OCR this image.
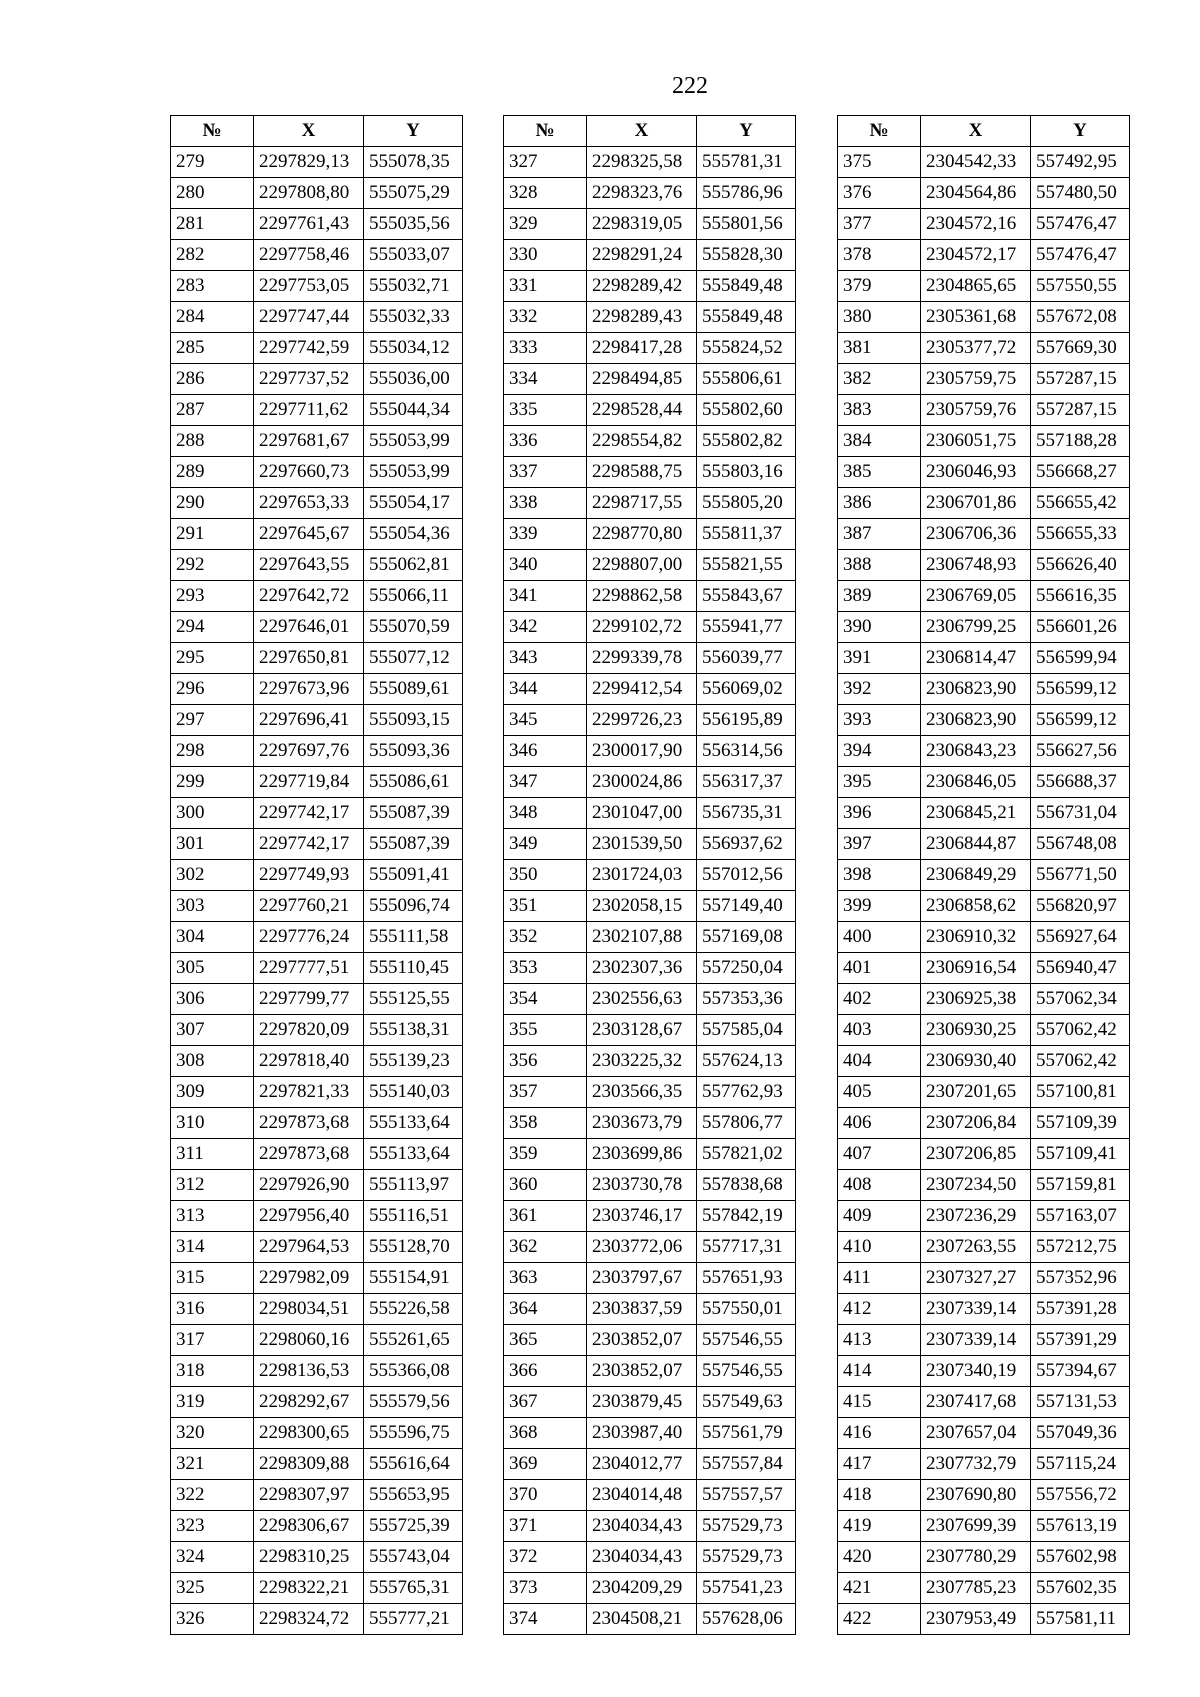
222
№	X	Y
279	2297829,13	555078,35
280	2297808,80	555075,29
281	2297761,43	555035,56
282	2297758,46	555033,07
283	2297753,05	555032,71
284	2297747,44	555032,33
285	2297742,59	555034,12
286	2297737,52	555036,00
287	2297711,62	555044,34
288	2297681,67	555053,99
289	2297660,73	555053,99
290	2297653,33	555054,17
291	2297645,67	555054,36
292	2297643,55	555062,81
293	2297642,72	555066,11
294	2297646,01	555070,59
295	2297650,81	555077,12
296	2297673,96	555089,61
297	2297696,41	555093,15
298	2297697,76	555093,36
299	2297719,84	555086,61
300	2297742,17	555087,39
301	2297742,17	555087,39
302	2297749,93	555091,41
303	2297760,21	555096,74
304	2297776,24	555111,58
305	2297777,51	555110,45
306	2297799,77	555125,55
307	2297820,09	555138,31
308	2297818,40	555139,23
309	2297821,33	555140,03
310	2297873,68	555133,64
311	2297873,68	555133,64
312	2297926,90	555113,97
313	2297956,40	555116,51
314	2297964,53	555128,70
315	2297982,09	555154,91
316	2298034,51	555226,58
317	2298060,16	555261,65
318	2298136,53	555366,08
319	2298292,67	555579,56
320	2298300,65	555596,75
321	2298309,88	555616,64
322	2298307,97	555653,95
323	2298306,67	555725,39
324	2298310,25	555743,04
325	2298322,21	555765,31
326	2298324,72	555777,21
№	X	Y
327	2298325,58	555781,31
328	2298323,76	555786,96
329	2298319,05	555801,56
330	2298291,24	555828,30
331	2298289,42	555849,48
332	2298289,43	555849,48
333	2298417,28	555824,52
334	2298494,85	555806,61
335	2298528,44	555802,60
336	2298554,82	555802,82
337	2298588,75	555803,16
338	2298717,55	555805,20
339	2298770,80	555811,37
340	2298807,00	555821,55
341	2298862,58	555843,67
342	2299102,72	555941,77
343	2299339,78	556039,77
344	2299412,54	556069,02
345	2299726,23	556195,89
346	2300017,90	556314,56
347	2300024,86	556317,37
348	2301047,00	556735,31
349	2301539,50	556937,62
350	2301724,03	557012,56
351	2302058,15	557149,40
352	2302107,88	557169,08
353	2302307,36	557250,04
354	2302556,63	557353,36
355	2303128,67	557585,04
356	2303225,32	557624,13
357	2303566,35	557762,93
358	2303673,79	557806,77
359	2303699,86	557821,02
360	2303730,78	557838,68
361	2303746,17	557842,19
362	2303772,06	557717,31
363	2303797,67	557651,93
364	2303837,59	557550,01
365	2303852,07	557546,55
366	2303852,07	557546,55
367	2303879,45	557549,63
368	2303987,40	557561,79
369	2304012,77	557557,84
370	2304014,48	557557,57
371	2304034,43	557529,73
372	2304034,43	557529,73
373	2304209,29	557541,23
374	2304508,21	557628,06
№	X	Y
375	2304542,33	557492,95
376	2304564,86	557480,50
377	2304572,16	557476,47
378	2304572,17	557476,47
379	2304865,65	557550,55
380	2305361,68	557672,08
381	2305377,72	557669,30
382	2305759,75	557287,15
383	2305759,76	557287,15
384	2306051,75	557188,28
385	2306046,93	556668,27
386	2306701,86	556655,42
387	2306706,36	556655,33
388	2306748,93	556626,40
389	2306769,05	556616,35
390	2306799,25	556601,26
391	2306814,47	556599,94
392	2306823,90	556599,12
393	2306823,90	556599,12
394	2306843,23	556627,56
395	2306846,05	556688,37
396	2306845,21	556731,04
397	2306844,87	556748,08
398	2306849,29	556771,50
399	2306858,62	556820,97
400	2306910,32	556927,64
401	2306916,54	556940,47
402	2306925,38	557062,34
403	2306930,25	557062,42
404	2306930,40	557062,42
405	2307201,65	557100,81
406	2307206,84	557109,39
407	2307206,85	557109,41
408	2307234,50	557159,81
409	2307236,29	557163,07
410	2307263,55	557212,75
411	2307327,27	557352,96
412	2307339,14	557391,28
413	2307339,14	557391,29
414	2307340,19	557394,67
415	2307417,68	557131,53
416	2307657,04	557049,36
417	2307732,79	557115,24
418	2307690,80	557556,72
419	2307699,39	557613,19
420	2307780,29	557602,98
421	2307785,23	557602,35
422	2307953,49	557581,11
